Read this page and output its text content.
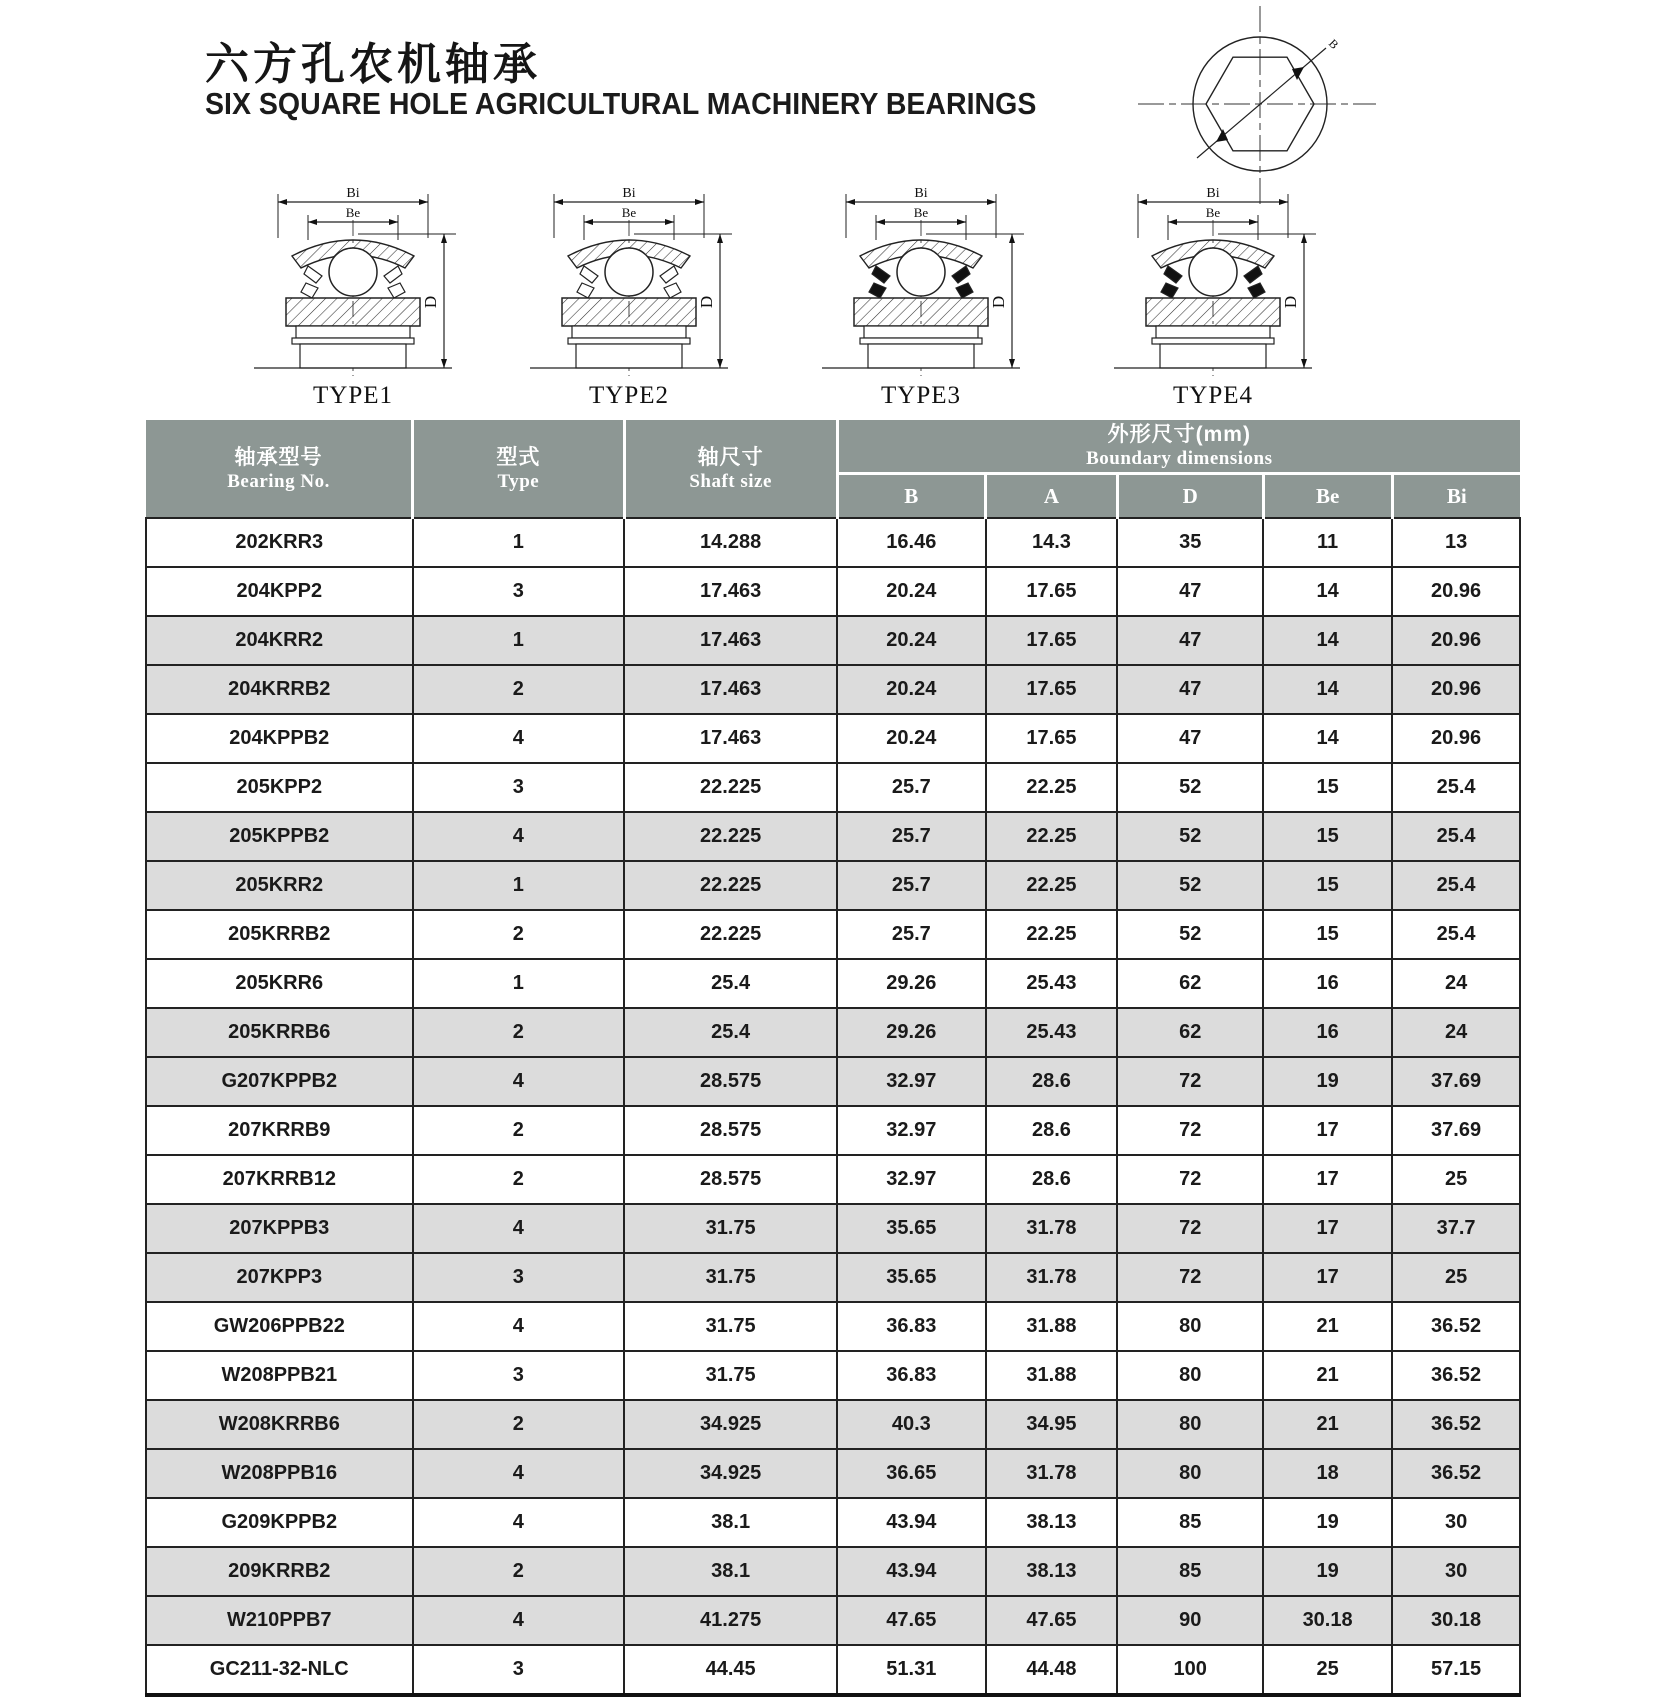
六方孔农机轴承
SIX SQUARE HOLE AGRICULTURAL MACHINERY BEARINGS
B
Bi
Be
D
TYPE1
Bi
Be
D
TYPE2
Bi
Be
D
TYPE3
Bi
Be
D
TYPE4
轴承型号
Bearing No.

型式
Type

轴尺寸
Shaft size

外形尺寸(mm)
Boundary dimensions

			B	A	D	Be	Bi
202KRR3	1	14.288	16.46	14.3	35	11	13
204KPP2	3	17.463	20.24	17.65	47	14	20.96
204KRR2	1	17.463	20.24	17.65	47	14	20.96
204KRRB2	2	17.463	20.24	17.65	47	14	20.96
204KPPB2	4	17.463	20.24	17.65	47	14	20.96
205KPP2	3	22.225	25.7	22.25	52	15	25.4
205KPPB2	4	22.225	25.7	22.25	52	15	25.4
205KRR2	1	22.225	25.7	22.25	52	15	25.4
205KRRB2	2	22.225	25.7	22.25	52	15	25.4
205KRR6	1	25.4	29.26	25.43	62	16	24
205KRRB6	2	25.4	29.26	25.43	62	16	24
G207KPPB2	4	28.575	32.97	28.6	72	19	37.69
207KRRB9	2	28.575	32.97	28.6	72	17	37.69
207KRRB12	2	28.575	32.97	28.6	72	17	25
207KPPB3	4	31.75	35.65	31.78	72	17	37.7
207KPP3	3	31.75	35.65	31.78	72	17	25
GW206PPB22	4	31.75	36.83	31.88	80	21	36.52
W208PPB21	3	31.75	36.83	31.88	80	21	36.52
W208KRRB6	2	34.925	40.3	34.95	80	21	36.52
W208PPB16	4	34.925	36.65	31.78	80	18	36.52
G209KPPB2	4	38.1	43.94	38.13	85	19	30
209KRRB2	2	38.1	43.94	38.13	85	19	30
W210PPB7	4	41.275	47.65	47.65	90	30.18	30.18
GC211-32-NLC	3	44.45	51.31	44.48	100	25	57.15
